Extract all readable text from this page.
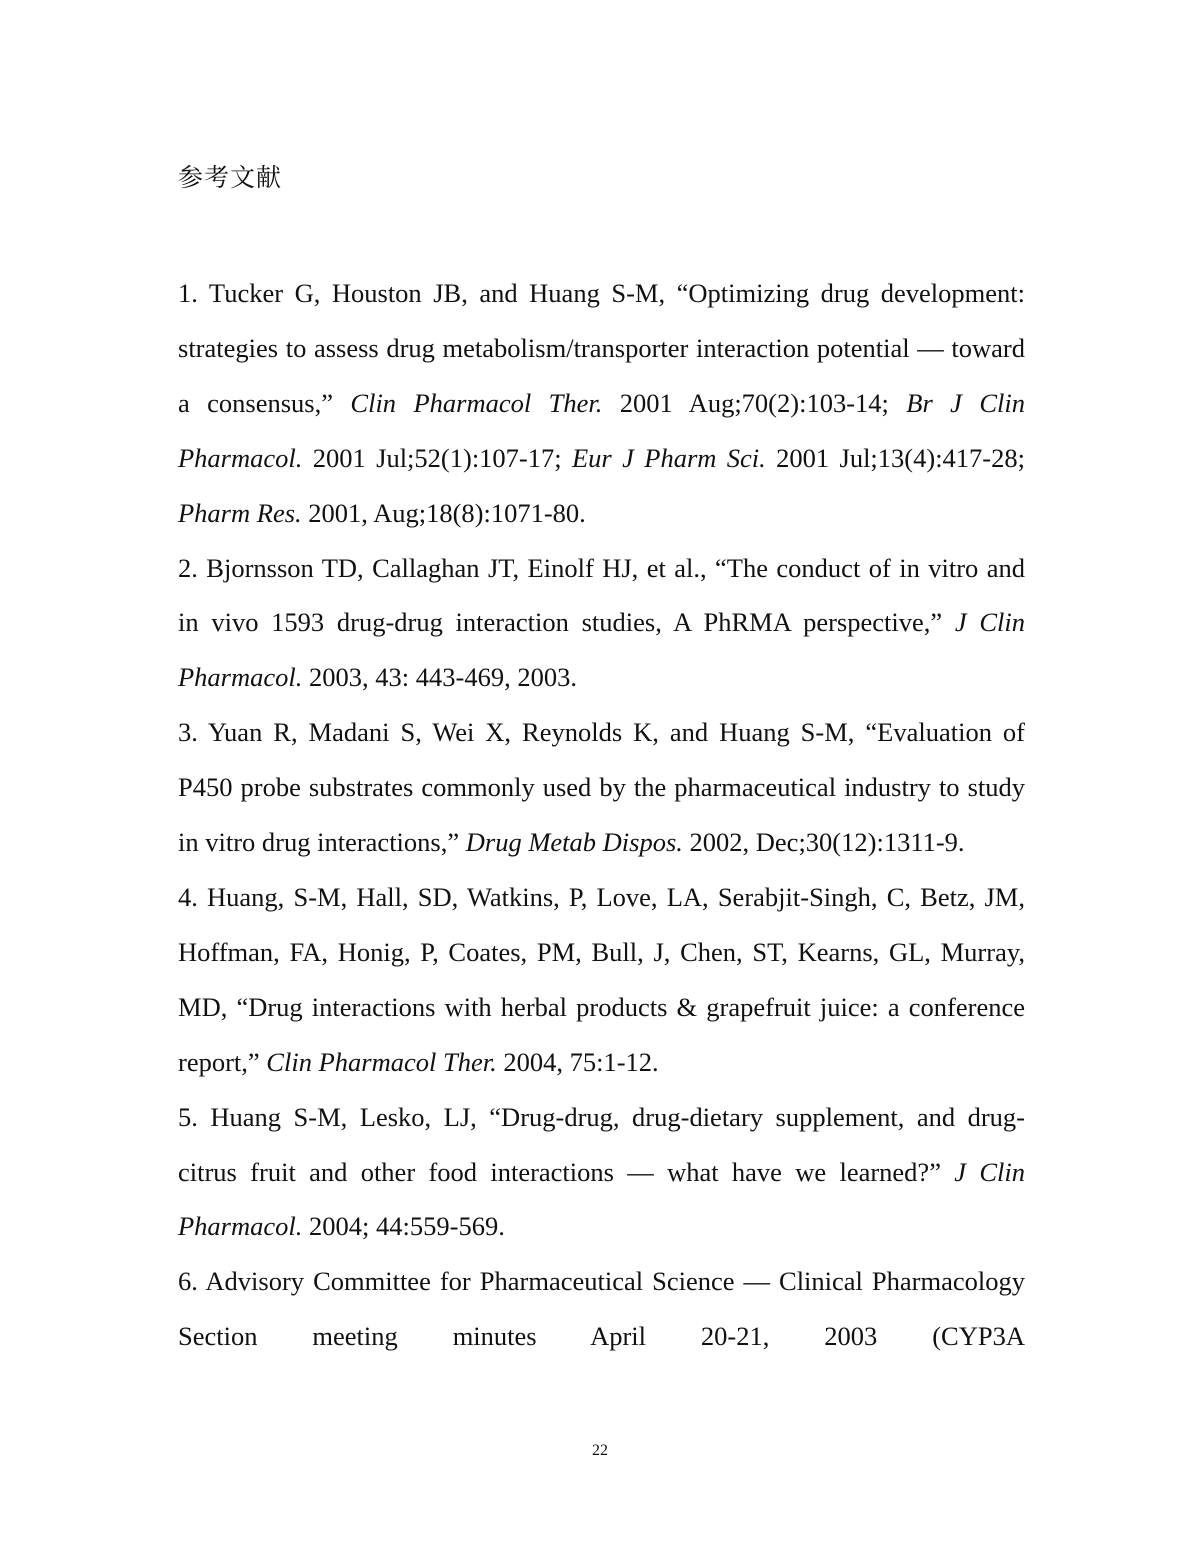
参考文献

1. Tucker G, Houston JB, and Huang S-M, “Optimizing drug development: strategies to assess drug metabolism/transporter interaction potential — toward a consensus,” Clin Pharmacol Ther. 2001 Aug;70(2):103-14; Br J Clin Pharmacol. 2001 Jul;52(1):107-17; Eur J Pharm Sci. 2001 Jul;13(4):417-28; Pharm Res. 2001, Aug;18(8):1071-80.

2. Bjornsson TD, Callaghan JT, Einolf HJ, et al., “The conduct of in vitro and in vivo 1593 drug-drug interaction studies, A PhRMA perspective,” J Clin Pharmacol. 2003, 43: 443-469, 2003.

3. Yuan R, Madani S, Wei X, Reynolds K, and Huang S-M, “Evaluation of P450 probe substrates commonly used by the pharmaceutical industry to study in vitro drug interactions,” Drug Metab Dispos. 2002, Dec;30(12):1311-9.

4. Huang, S-M, Hall, SD, Watkins, P, Love, LA, Serabjit-Singh, C, Betz, JM, Hoffman, FA, Honig, P, Coates, PM, Bull, J, Chen, ST, Kearns, GL, Murray, MD, “Drug interactions with herbal products & grapefruit juice: a conference report,” Clin Pharmacol Ther. 2004, 75:1-12.

5. Huang S-M, Lesko, LJ, “Drug-drug, drug-dietary supplement, and drug-citrus fruit and other food interactions — what have we learned?” J Clin Pharmacol. 2004; 44:559-569.

6. Advisory Committee for Pharmaceutical Science — Clinical Pharmacology Section meeting minutes April 20-21, 2003 (CYP3A

22
